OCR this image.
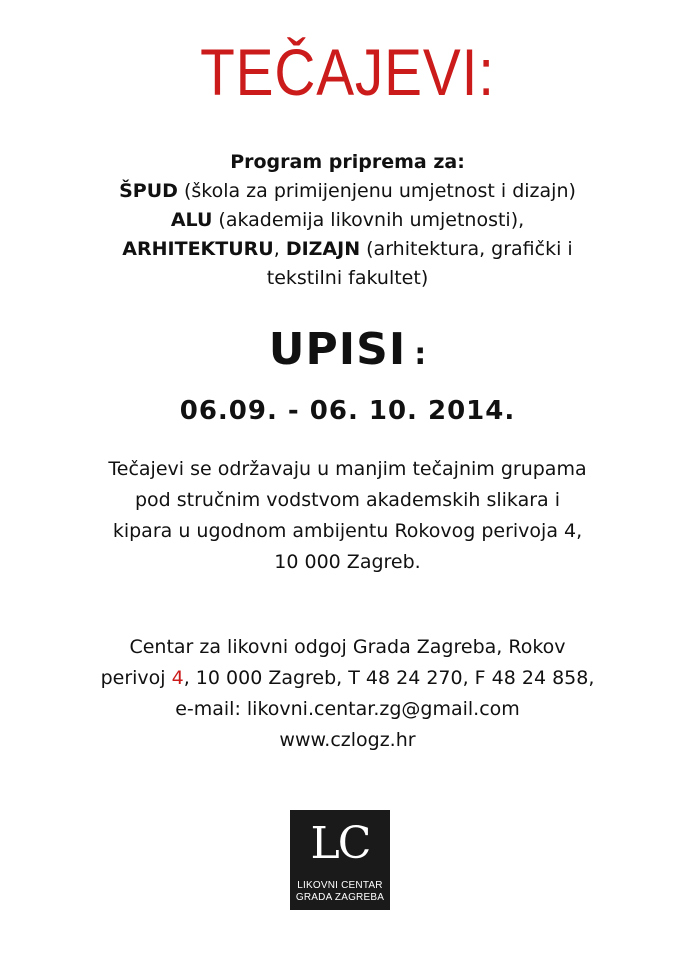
TEČAJEVI:
Program priprema za:
ŠPUD (škola za primijenjenu umjetnost i dizajn)
ALU (akademija likovnih umjetnosti),
ARHITEKTURU, DIZAJN (arhitektura, grafički i
tekstilni fakultet)
UPISI :
06.09. - 06. 10. 2014.
Tečajevi se održavaju u manjim tečajnim grupama
pod stručnim vodstvom akademskih slikara i
kipara u ugodnom ambijentu Rokovog perivoja 4,
10 000 Zagreb.
Centar za likovni odgoj Grada Zagreba, Rokov
perivoj 4, 10 000 Zagreb, T 48 24 270, F 48 24 858,
e-mail: likovni.centar.zg@gmail.com
www.czlogz.hr
LC
LIKOVNI CENTAR
GRADA ZAGREBA
